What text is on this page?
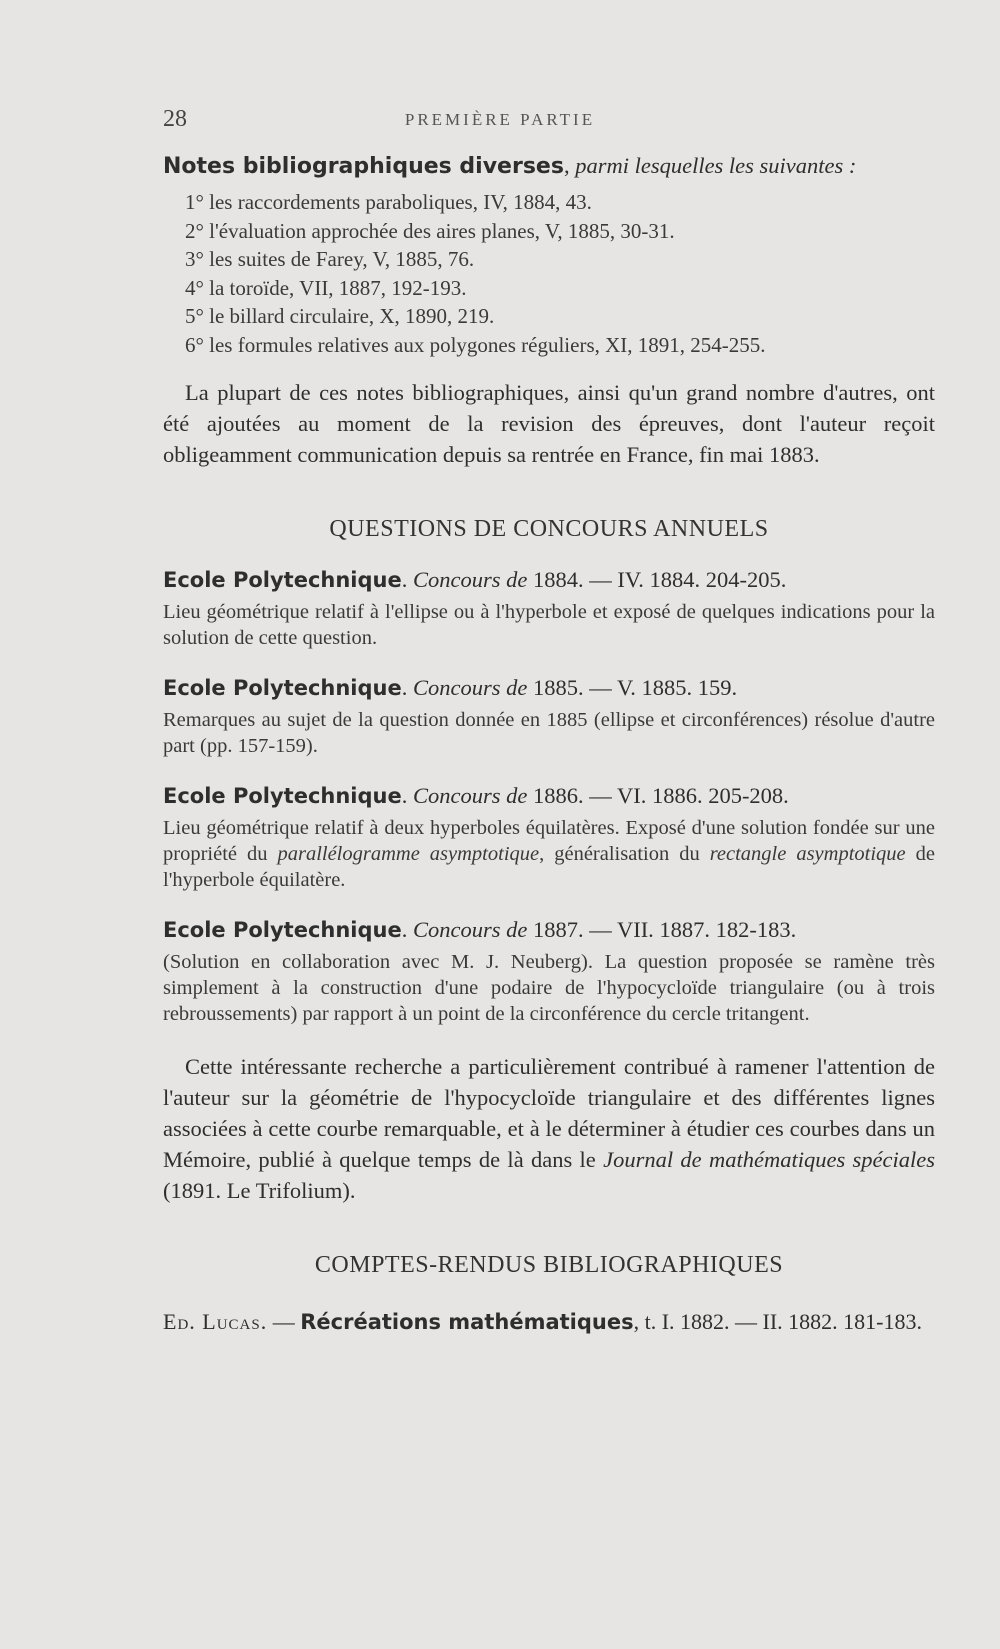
28	PREMIÈRE PARTIE

Notes bibliographiques diverses, parmi lesquelles les suivantes :

1° les raccordements paraboliques, IV, 1884, 43.
2° l'évaluation approchée des aires planes, V, 1885, 30-31.
3° les suites de Farey, V, 1885, 76.
4° la toroïde, VII, 1887, 192-193.
5° le billard circulaire, X, 1890, 219.
6° les formules relatives aux polygones réguliers, XI, 1891, 254-255.

La plupart de ces notes bibliographiques, ainsi qu'un grand nombre d'autres, ont été ajoutées au moment de la revision des épreuves, dont l'auteur reçoit obligeamment communication depuis sa rentrée en France, fin mai 1883.

QUESTIONS DE CONCOURS ANNUELS

Ecole Polytechnique. Concours de 1884. — IV. 1884. 204-205.

Lieu géométrique relatif à l'ellipse ou à l'hyperbole et exposé de quelques indications pour la solution de cette question.

Ecole Polytechnique. Concours de 1885. — V. 1885. 159.

Remarques au sujet de la question donnée en 1885 (ellipse et circonférences) résolue d'autre part (pp. 157-159).

Ecole Polytechnique. Concours de 1886. — VI. 1886. 205-208.

Lieu géométrique relatif à deux hyperboles équilatères. Exposé d'une solution fondée sur une propriété du parallélogramme asymptotique, généralisation du rectangle asymptotique de l'hyperbole équilatère.

Ecole Polytechnique. Concours de 1887. — VII. 1887. 182-183.

(Solution en collaboration avec M. J. Neuberg). La question proposée se ramène très simplement à la construction d'une podaire de l'hypocycloïde triangulaire (ou à trois rebroussements) par rapport à un point de la circonférence du cercle tritangent.

Cette intéressante recherche a particulièrement contribué à ramener l'attention de l'auteur sur la géométrie de l'hypocycloïde triangulaire et des différentes lignes associées à cette courbe remarquable, et à le déterminer à étudier ces courbes dans un Mémoire, publié à quelque temps de là dans le Journal de mathématiques spéciales (1891. Le Trifolium).

COMPTES-RENDUS BIBLIOGRAPHIQUES

Ed. Lucas. — Récréations mathématiques, t. I. 1882. — II. 1882. 181-183.
